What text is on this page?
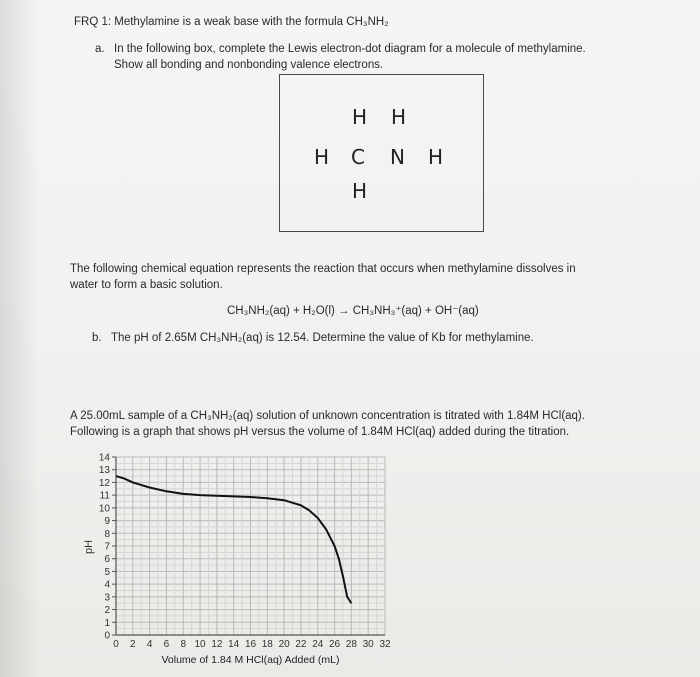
FRQ 1: Methylamine is a weak base with the formula CH₃NH₂
a. In the following box, complete the Lewis electron-dot diagram for a molecule of methylamine.
Show all bonding and nonbonding valence electrons.
H H
H C N H
H
The following chemical equation represents the reaction that occurs when methylamine dissolves in
water to form a basic solution.
CH₃NH₂(aq) + H₂O(l) → CH₃NH₃⁺(aq) + OH⁻(aq)
b. The pH of 2.65M CH₃NH₂(aq) is 12.54. Determine the value of Kb for methylamine.
A 25.00mL sample of a CH₃NH₂(aq) solution of unknown concentration is titrated with 1.84M HCl(aq).
Following is a graph that shows pH versus the volume of 1.84M HCl(aq) added during the titration.
0
1
2
3
4
5
6
7
8
9
10
11
12
13
14
0 2 4 6 8 10 12 14 16 18 20 22 24 26 28 30 32
pH
Volume of 1.84 M HCl(aq) Added (mL)
